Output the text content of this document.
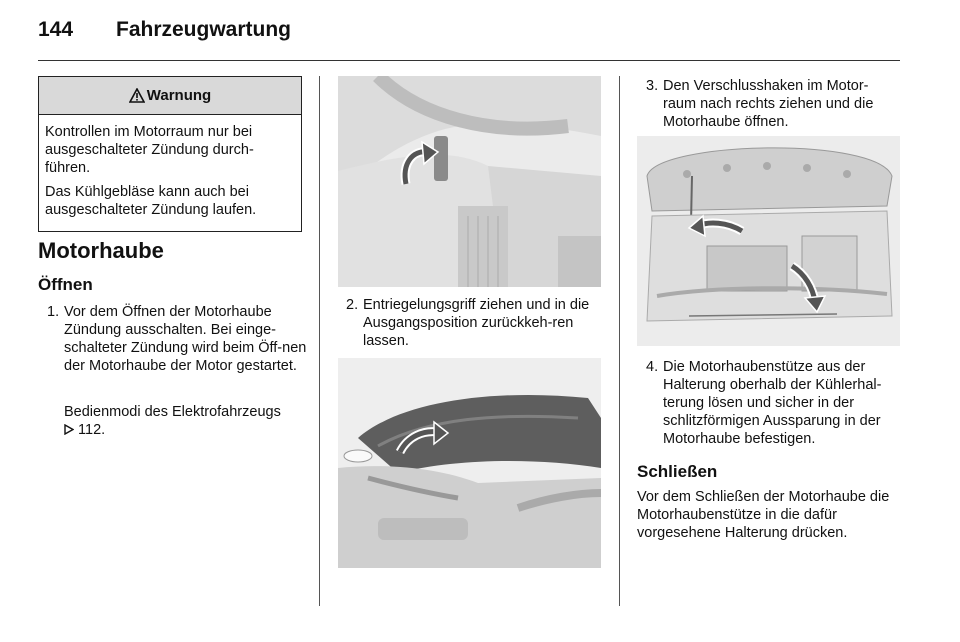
144 Fahrzeugwartung
Warnung

Kontrollen im Motorraum nur bei ausgeschalteter Zündung durch-führen.

Das Kühlgebläse kann auch bei ausgeschalteter Zündung laufen.

Motorhaube
Öffnen
1. Vor dem Öffnen der Motorhaube Zündung ausschalten. Bei einge-schalteter Zündung wird beim Öff-nen der Motorhaube der Motor gestartet.
Bedienmodi des Elektrofahrzeugs
112.
2. Entriegelungsgriff ziehen und in die Ausgangsposition zurückkeh-ren lassen.
3. Den Verschlusshaken im Motor-raum nach rechts ziehen und die Motorhaube öffnen.
4. Die Motorhaubenstütze aus der Halterung oberhalb der Kühlerhal-terung lösen und sicher in der schlitzförmigen Aussparung in der Motorhaube befestigen.
Schließen
Vor dem Schließen der Motorhaube die Motorhaubenstütze in die dafür vorgesehene Halterung drücken.
